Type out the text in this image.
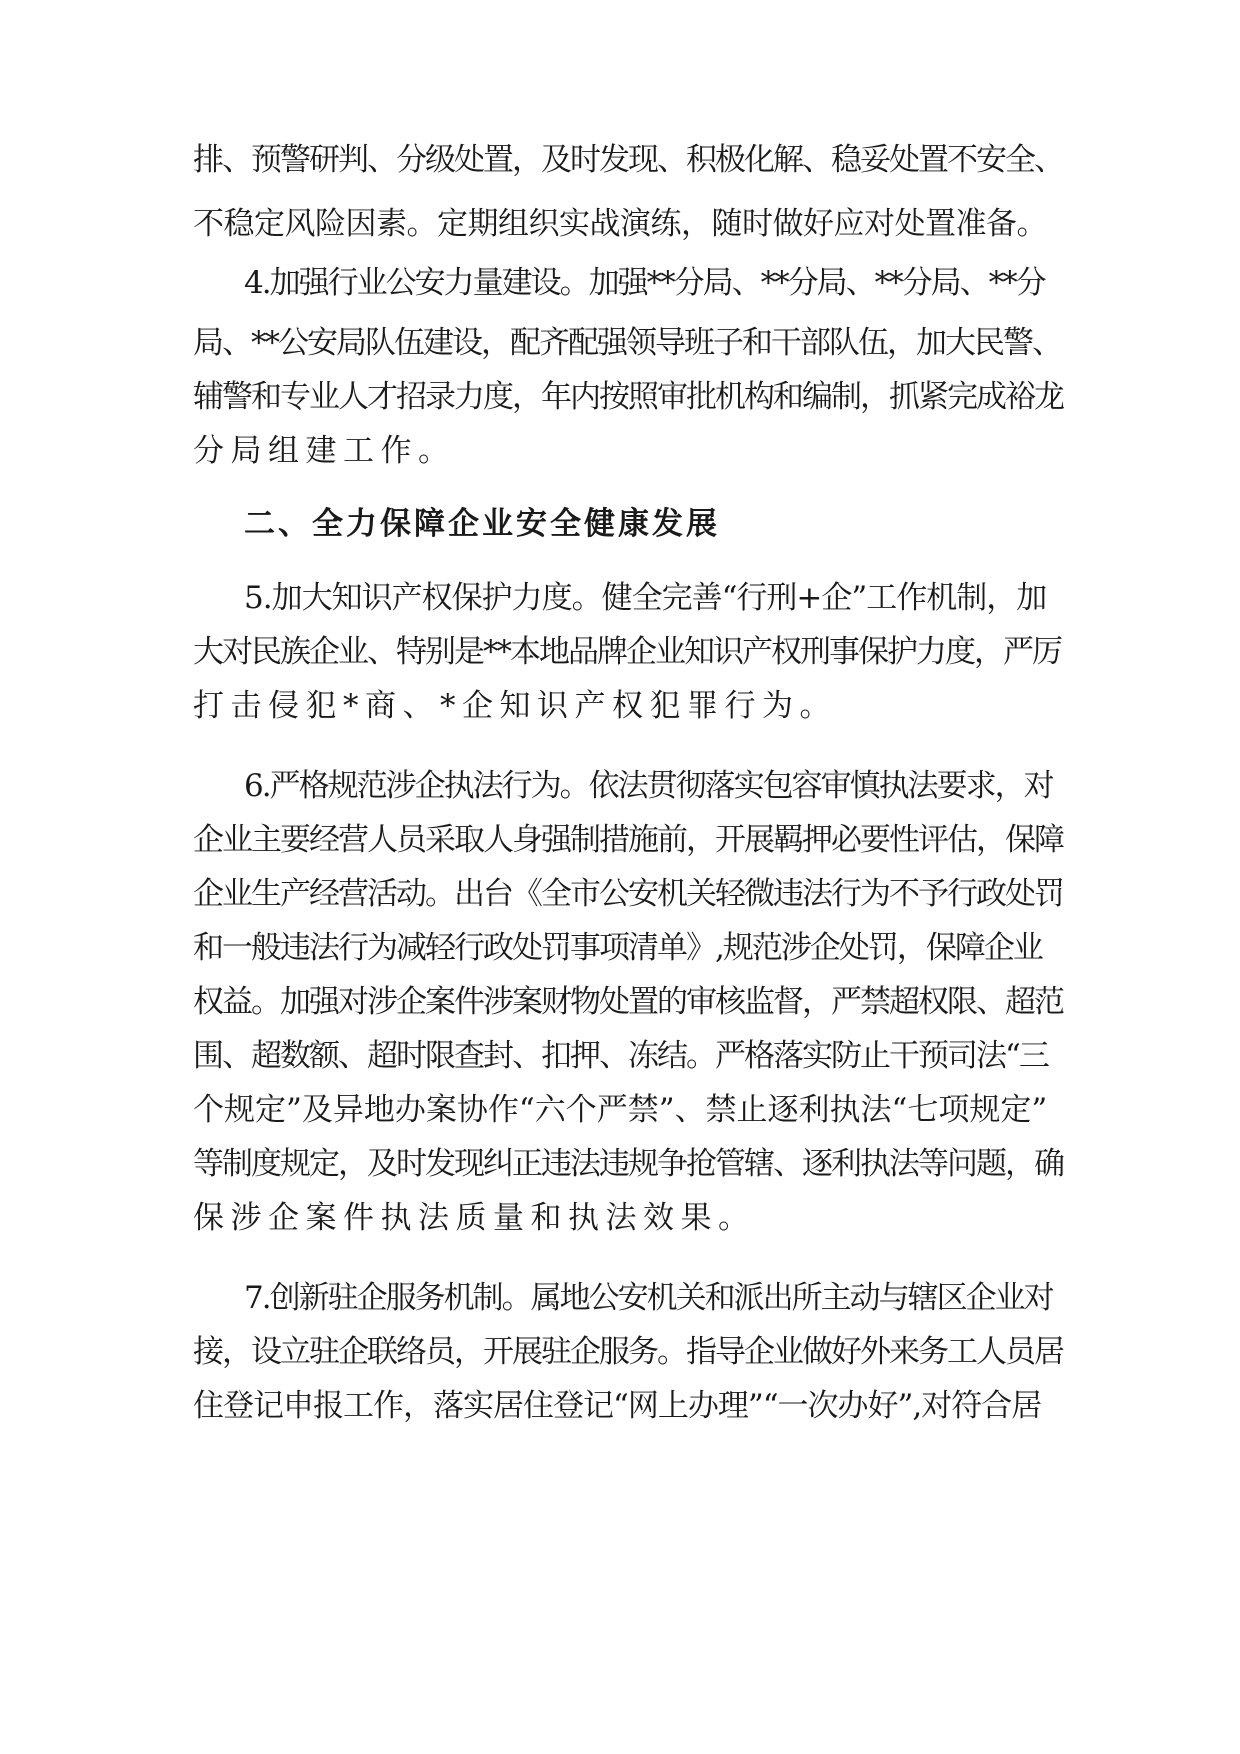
排、预警研判、分级处置，及时发现、积极化解、稳妥处置不安全、
不稳定风险因素。定期组织实战演练，随时做好应对处置准备。
4.加强行业公安力量建设。加强**分局、**分局、**分局、**分
局、**公安局队伍建设，配齐配强领导班子和干部队伍，加大民警、
辅警和专业人才招录力度，年内按照审批机构和编制，抓紧完成裕龙
分局组建工作。
二、全力保障企业安全健康发展
5.加大知识产权保护力度。健全完善“行刑+企”工作机制，加
大对民族企业、特别是**本地品牌企业知识产权刑事保护力度，严厉
打击侵犯*商、*企知识产权犯罪行为。
6.严格规范涉企执法行为。依法贯彻落实包容审慎执法要求，对
企业主要经营人员采取人身强制措施前，开展羁押必要性评估，保障
企业生产经营活动。出台《全市公安机关轻微违法行为不予行政处罚
和一般违法行为减轻行政处罚事项清单》,规范涉企处罚，保障企业
权益。加强对涉企案件涉案财物处置的审核监督，严禁超权限、超范
围、超数额、超时限查封、扣押、冻结。严格落实防止干预司法“三
个规定”及异地办案协作“六个严禁”、禁止逐利执法“七项规定”
等制度规定，及时发现纠正违法违规争抢管辖、逐利执法等问题，确
保涉企案件执法质量和执法效果。
7.创新驻企服务机制。属地公安机关和派出所主动与辖区企业对
接，设立驻企联络员，开展驻企服务。指导企业做好外来务工人员居
住登记申报工作，落实居住登记“网上办理”“一次办好”,对符合居
